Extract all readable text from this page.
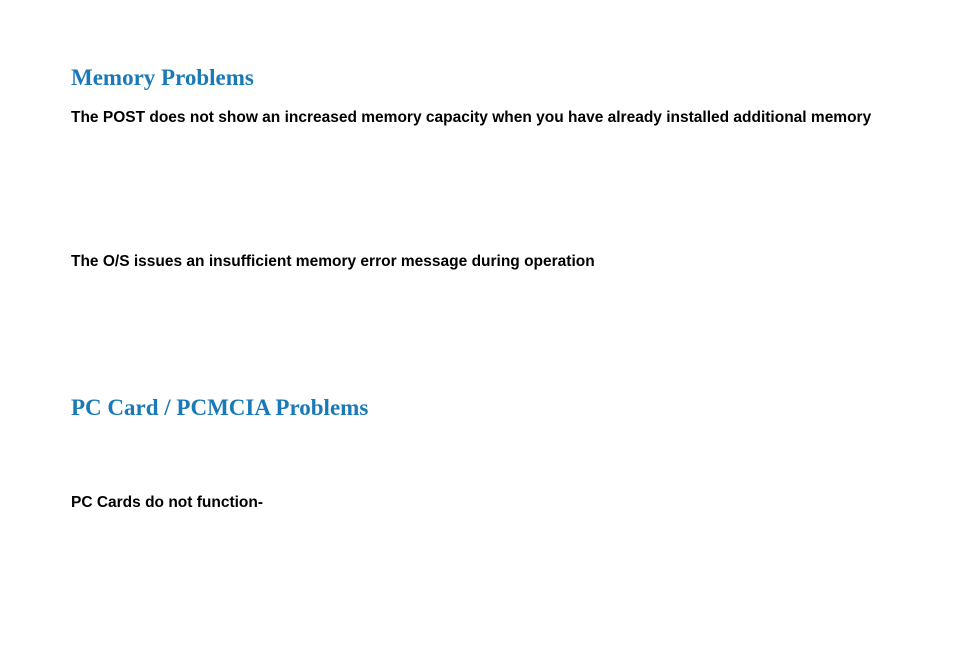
Memory Problems

The POST does not show an increased memory capacity when you have already installed additional memory

The O/S issues an insufficient memory error message during operation

PC Card / PCMCIA Problems

PC Cards do not function-
